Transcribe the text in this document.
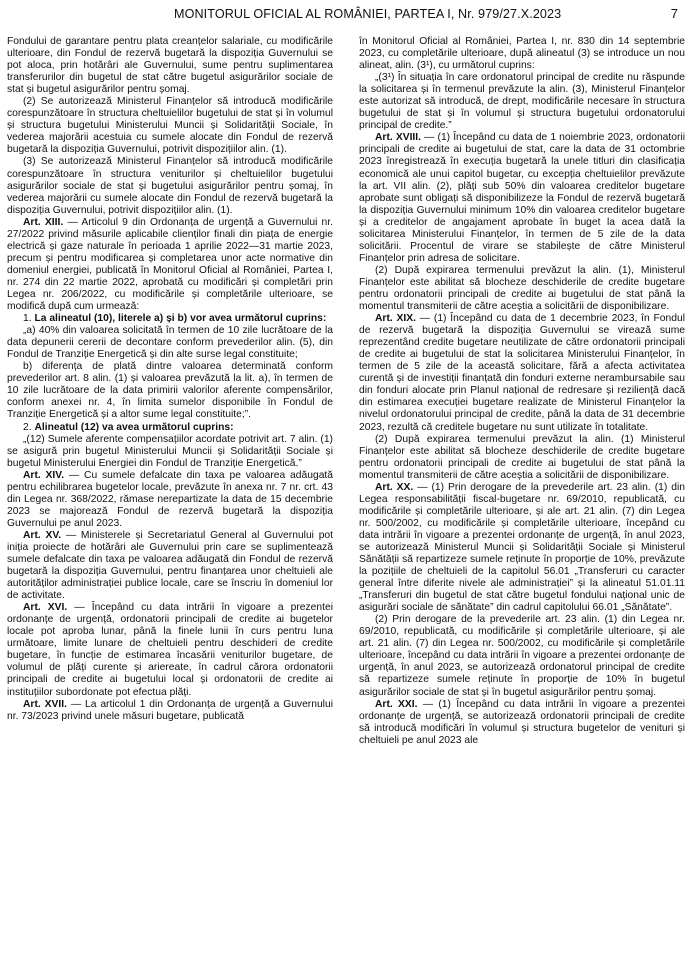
MONITORUL OFICIAL AL ROMÂNIEI, PARTEA I, Nr. 979/27.X.2023	7

Fondului de garantare pentru plata creanțelor salariale, cu modificările ulterioare, din Fondul de rezervă bugetară la dispoziția Guvernului se pot aloca, prin hotărâri ale Guvernului, sume pentru suplimentarea transferurilor din bugetul de stat către bugetul asigurărilor sociale de stat și bugetul asigurărilor pentru șomaj.

(2) Se autorizează Ministerul Finanțelor să introducă modificările corespunzătoare în structura cheltuielilor bugetului de stat și în volumul și structura bugetului Ministerului Muncii și Solidarității Sociale, în vederea majorării acestuia cu sumele alocate din Fondul de rezervă bugetară la dispoziția Guvernului, potrivit dispozițiilor alin. (1).

(3) Se autorizează Ministerul Finanțelor să introducă modificările corespunzătoare în structura veniturilor și cheltuielilor bugetului asigurărilor sociale de stat și bugetului asigurărilor pentru șomaj, în vederea majorării cu sumele alocate din Fondul de rezervă bugetară la dispoziția Guvernului, potrivit dispozițiilor alin. (1).

Art. XIII. — Articolul 9 din Ordonanța de urgență a Guvernului nr. 27/2022 privind măsurile aplicabile clienților finali din piața de energie electrică și gaze naturale în perioada 1 aprilie 2022—31 martie 2023, precum și pentru modificarea și completarea unor acte normative din domeniul energiei, publicată în Monitorul Oficial al României, Partea I, nr. 274 din 22 martie 2022, aprobată cu modificări și completări prin Legea nr. 206/2022, cu modificările și completările ulterioare, se modifică după cum urmează:

1. La alineatul (10), literele a) și b) vor avea următorul cuprins:

„a) 40% din valoarea solicitată în termen de 10 zile lucrătoare de la data depunerii cererii de decontare conform prevederilor alin. (5), din Fondul de Tranziție Energetică și din alte surse legal constituite;

b) diferența de plată dintre valoarea determinată conform prevederilor art. 8 alin. (1) și valoarea prevăzută la lit. a), în termen de 10 zile lucrătoare de la data primirii valorilor aferente compensărilor, conform anexei nr. 4, în limita sumelor disponibile în Fondul de Tranziție Energetică și a altor sume legal constituite;”.

2. Alineatul (12) va avea următorul cuprins:

„(12) Sumele aferente compensațiilor acordate potrivit art. 7 alin. (1) se asigură prin bugetul Ministerului Muncii și Solidarității Sociale și bugetul Ministerului Energiei din Fondul de Tranziție Energetică.”

Art. XIV. — Cu sumele defalcate din taxa pe valoarea adăugată pentru echilibrarea bugetelor locale, prevăzute în anexa nr. 7 nr. crt. 43 din Legea nr. 368/2022, rămase nerepartizate la data de 15 decembrie 2023 se majorează Fondul de rezervă bugetară la dispoziția Guvernului pe anul 2023.

Art. XV. — Ministerele și Secretariatul General al Guvernului pot iniția proiecte de hotărâri ale Guvernului prin care se suplimentează sumele defalcate din taxa pe valoarea adăugată din Fondul de rezervă bugetară la dispoziția Guvernului, pentru finanțarea unor cheltuieli ale autorităților administrației publice locale, care se înscriu în domeniul lor de activitate.

Art. XVI. — Începând cu data intrării în vigoare a prezentei ordonanțe de urgență, ordonatorii principali de credite ai bugetelor locale pot aproba lunar, până la finele lunii în curs pentru luna următoare, limite lunare de cheltuieli pentru deschideri de credite bugetare, în funcție de estimarea încasării veniturilor bugetare, de volumul de plăți curente și ariereate, în cadrul cărora ordonatorii principali de credite ai bugetului local și ordonatorii de credite ai instituțiilor subordonate pot efectua plăți.

Art. XVII. — La articolul 1 din Ordonanța de urgență a Guvernului nr. 73/2023 privind unele măsuri bugetare, publicată

în Monitorul Oficial al României, Partea I, nr. 830 din 14 septembrie 2023, cu completările ulterioare, după alineatul (3) se introduce un nou alineat, alin. (3¹), cu următorul cuprins:

„(3¹) În situația în care ordonatorul principal de credite nu răspunde la solicitarea și în termenul prevăzute la alin. (3), Ministerul Finanțelor este autorizat să introducă, de drept, modificările necesare în structura bugetului de stat și în volumul și structura bugetului ordonatorului principal de credite.”

Art. XVIII. — (1) Începând cu data de 1 noiembrie 2023, ordonatorii principali de credite ai bugetului de stat, care la data de 31 octombrie 2023 înregistrează în execuția bugetară la unele titluri din clasificația economică ale unui capitol bugetar, cu excepția cheltuielilor prevăzute la art. VII alin. (2), plăți sub 50% din valoarea creditelor bugetare aprobate sunt obligați să disponibilizeze la Fondul de rezervă bugetară la dispoziția Guvernului minimum 10% din valoarea creditelor bugetare și a creditelor de angajament aprobate în buget la acea dată la solicitarea Ministerului Finanțelor, în termen de 5 zile de la data solicitării. Procentul de virare se stabilește de către Ministerul Finanțelor prin adresa de solicitare.

(2) După expirarea termenului prevăzut la alin. (1), Ministerul Finanțelor este abilitat să blocheze deschiderile de credite bugetare pentru ordonatorii principali de credite ai bugetului de stat până la momentul transmiterii de către aceștia a solicitării de disponibilizare.

Art. XIX. — (1) Începând cu data de 1 decembrie 2023, în Fondul de rezervă bugetară la dispoziția Guvernului se virează sume reprezentând credite bugetare neutilizate de către ordonatorii principali de credite ai bugetului de stat la solicitarea Ministerului Finanțelor, în termen de 5 zile de la această solicitare, fără a afecta activitatea curentă și de investiții finanțată din fonduri externe nerambursabile sau din fonduri alocate prin Planul național de redresare și reziliență dacă din estimarea execuției bugetare realizate de Ministerul Finanțelor la nivelul ordonatorului principal de credite, până la data de 31 decembrie 2023, rezultă că creditele bugetare nu sunt utilizate în totalitate.

(2) După expirarea termenului prevăzut la alin. (1) Ministerul Finanțelor este abilitat să blocheze deschiderile de credite bugetare pentru ordonatorii principali de credite ai bugetului de stat până la momentul transmiterii de către aceștia a solicitării de disponibilizare.

Art. XX. — (1) Prin derogare de la prevederile art. 23 alin. (1) din Legea responsabilității fiscal-bugetare nr. 69/2010, republicată, cu modificările și completările ulterioare, și ale art. 21 alin. (7) din Legea nr. 500/2002, cu modificările și completările ulterioare, începând cu data intrării în vigoare a prezentei ordonanțe de urgență, în anul 2023, se autorizează Ministerul Muncii și Solidarității Sociale și Ministerul Sănătății să repartizeze sumele reținute în proporție de 10%, prevăzute la pozițiile de cheltuieli de la capitolul 56.01 „Transferuri cu caracter general între diferite nivele ale administrației” și la alineatul 51.01.11 „Transferuri din bugetul de stat către bugetul fondului național unic de asigurări sociale de sănătate” din cadrul capitolului 66.01 „Sănătate”.

(2) Prin derogare de la prevederile art. 23 alin. (1) din Legea nr. 69/2010, republicată, cu modificările și completările ulterioare, și ale art. 21 alin. (7) din Legea nr. 500/2002, cu modificările și completările ulterioare, începând cu data intrării în vigoare a prezentei ordonanțe de urgență, în anul 2023, se autorizează ordonatorul principal de credite să repartizeze sumele reținute în proporție de 10% în bugetul asigurărilor sociale de stat și în bugetul asigurărilor pentru șomaj.

Art. XXI. — (1) Începând cu data intrării în vigoare a prezentei ordonanțe de urgență, se autorizează ordonatorii principali de credite să introducă modificări în volumul și structura bugetelor de venituri și cheltuieli pe anul 2023 ale
